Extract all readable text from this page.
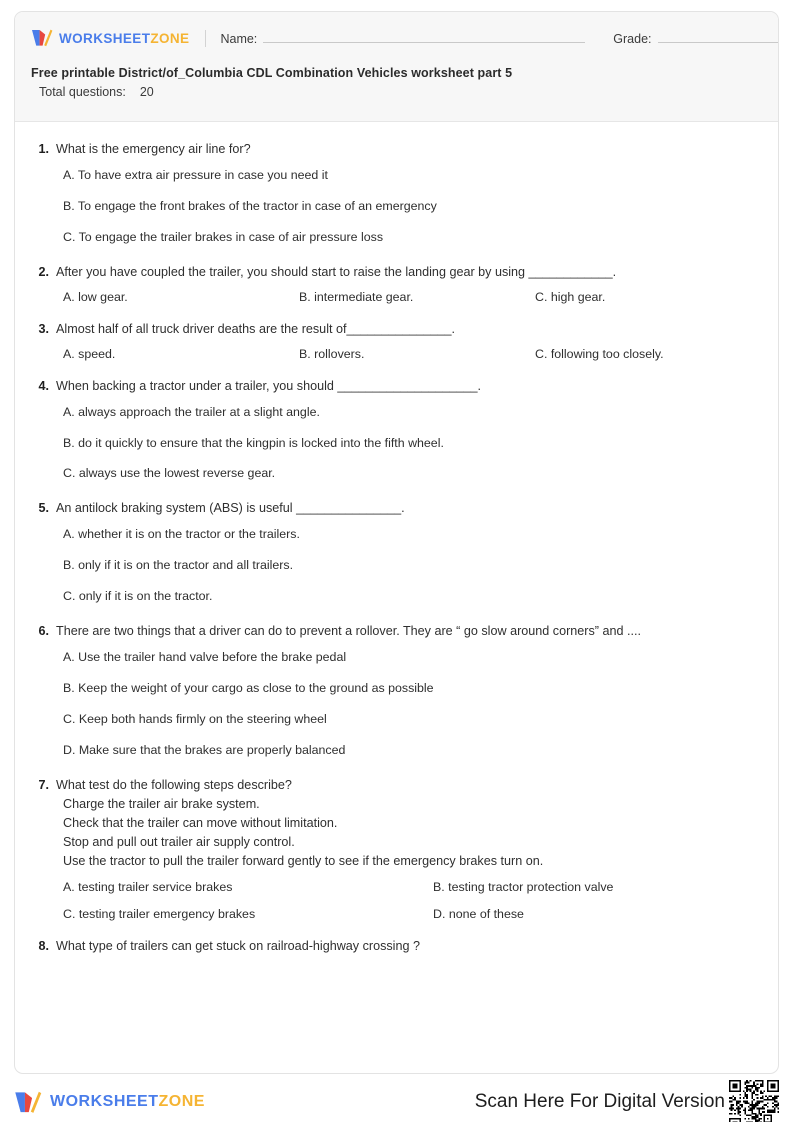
WORKSHEETZONE Name:	Grade:
Free printable District/of_Columbia CDL Combination Vehicles worksheet part 5
Total questions: 20
1. What is the emergency air line for?
A. To have extra air pressure in case you need it
B. To engage the front brakes of the tractor in case of an emergency
C. To engage the trailer brakes in case of air pressure loss
2. After you have coupled the trailer, you should start to raise the landing gear by using ____________.
A. low gear.	B. intermediate gear.	C. high gear.
3. Almost half of all truck driver deaths are the result of_______________.
A. speed.	B. rollovers.	C. following too closely.
4. When backing a tractor under a trailer, you should ____________________.
A. always approach the trailer at a slight angle.
B. do it quickly to ensure that the kingpin is locked into the fifth wheel.
C. always use the lowest reverse gear.
5. An antilock braking system (ABS) is useful _______________.
A. whether it is on the tractor or the trailers.
B. only if it is on the tractor and all trailers.
C. only if it is on the tractor.
6. There are two things that a driver can do to prevent a rollover. They are “ go slow around corners” and ....
A. Use the trailer hand valve before the brake pedal
B. Keep the weight of your cargo as close to the ground as possible
C. Keep both hands firmly on the steering wheel
D. Make sure that the brakes are properly balanced
7. What test do the following steps describe?
Charge the trailer air brake system.
Check that the trailer can move without limitation.
Stop and pull out trailer air supply control.
Use the tractor to pull the trailer forward gently to see if the emergency brakes turn on.
A. testing trailer service brakes	B. testing tractor protection valve
C. testing trailer emergency brakes	D. none of these
8. What type of trailers can get stuck on railroad-highway crossing ?
WORKSHEETZONE	Scan Here For Digital Version
